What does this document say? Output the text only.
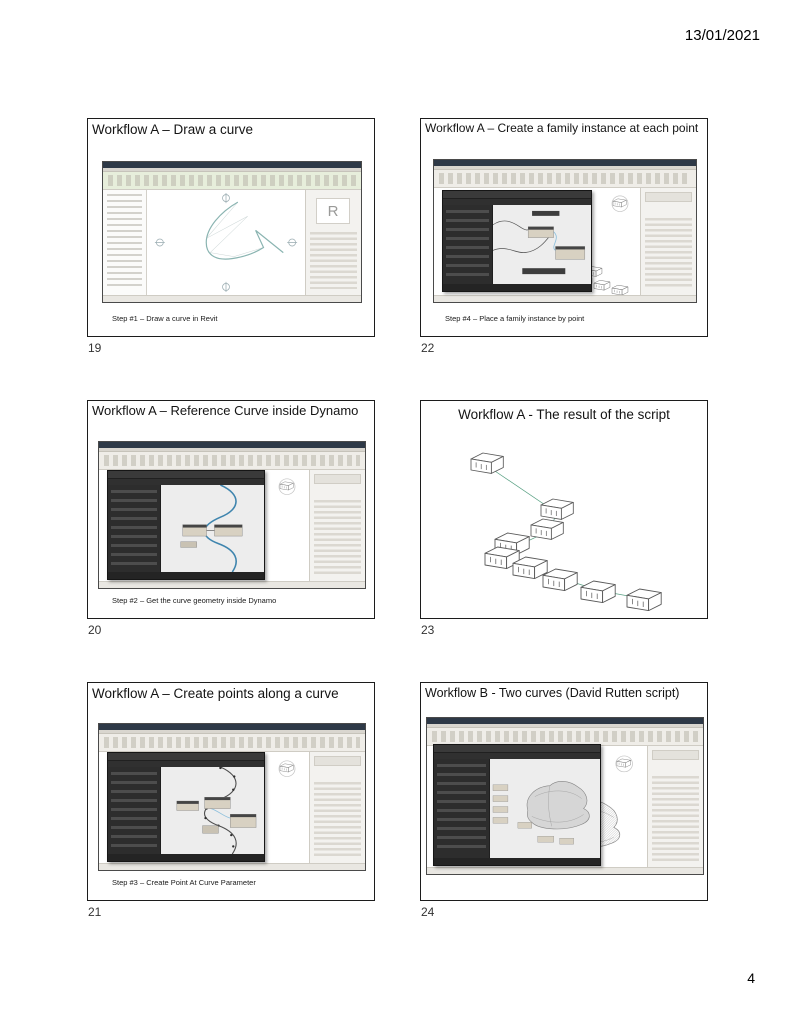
13/01/2021
Workflow A – Draw a curve
R
Step #1 – Draw a curve in Revit
19
Workflow A – Create a family instance at each point
Step #4 – Place a family instance by point
22
Workflow A – Reference Curve inside Dynamo
Step #2 – Get the curve geometry inside Dynamo
20
Workflow A - The result of the script
23
Workflow A – Create points along a curve
Step #3 – Create Point At Curve Parameter
21
Workflow B - Two curves (David Rutten script)
24
4
